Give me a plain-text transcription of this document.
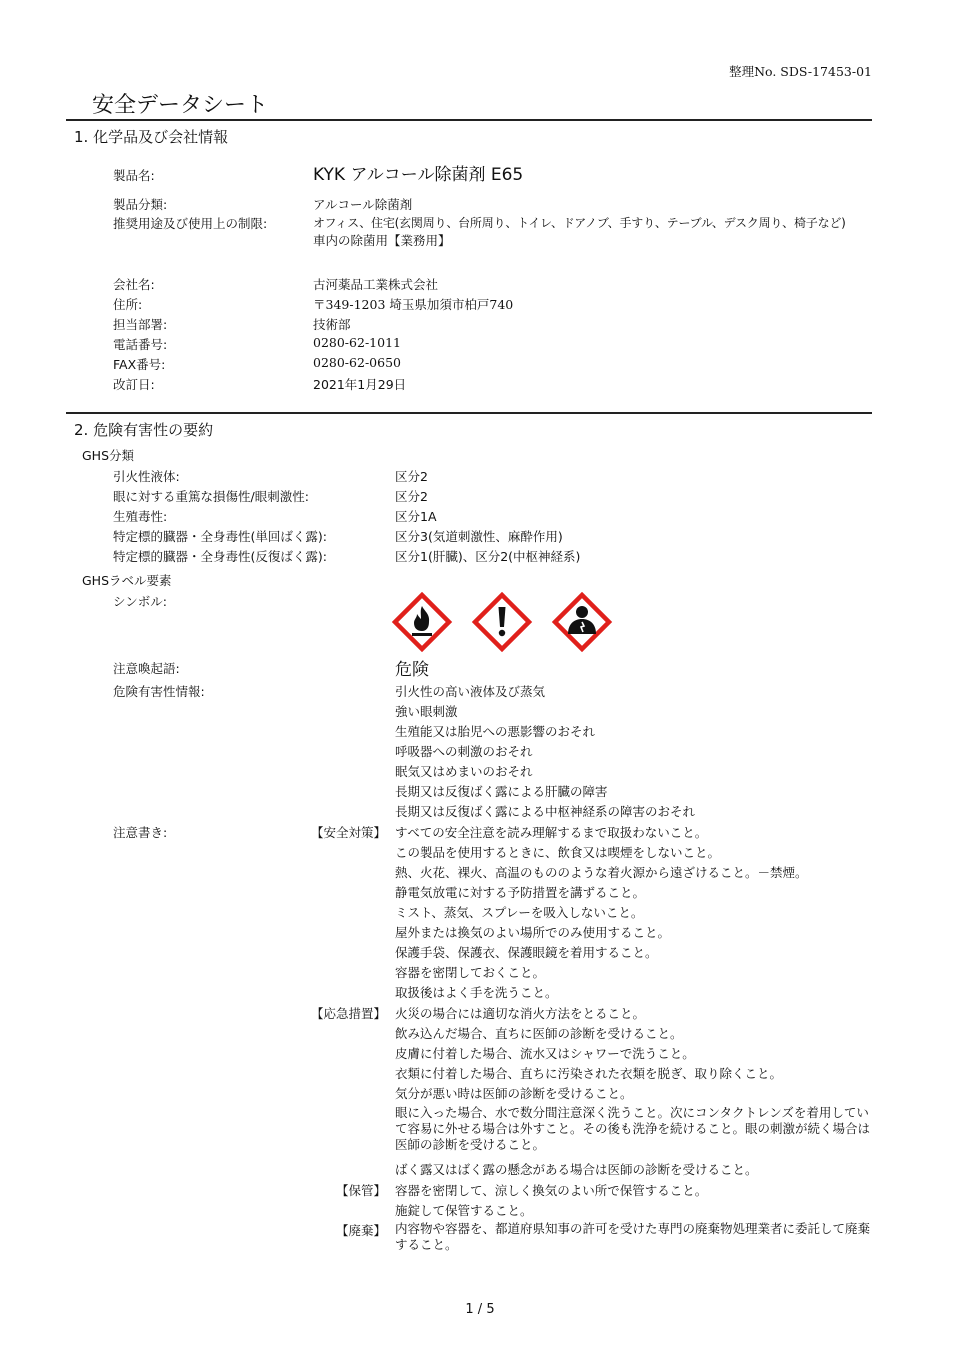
整理No. SDS-17453-01
安全データシート
1. 化学品及び会社情報
製品名:	KYK アルコール除菌剤 E65
製品分類:	アルコール除菌剤
推奨用途及び使用上の制限:	オフィス、住宅(玄関周り、台所周り、トイレ、ドアノブ、手すり、テーブル、デスク周り、椅子など)
車内の除菌用【業務用】
会社名:	古河薬品工業株式会社
住所:	〒349-1203 埼玉県加須市柏戸740
担当部署:	技術部
電話番号:	0280-62-1011
FAX番号:	0280-62-0650
改訂日:	2021年1月29日
2. 危険有害性の要約
GHS分類
引火性液体:	区分2
眼に対する重篤な損傷性/眼刺激性:	区分2
生殖毒性:	区分1A
特定標的臓器・全身毒性(単回ばく露):	区分3(気道刺激性、麻酔作用)
特定標的臓器・全身毒性(反復ばく露):	区分1(肝臓)、区分2(中枢神経系)
GHSラベル要素
シンボル:
注意喚起語:	危険
危険有害性情報:	引火性の高い液体及び蒸気
強い眼刺激
生殖能又は胎児への悪影響のおそれ
呼吸器への刺激のおそれ
眠気又はめまいのおそれ
長期又は反復ばく露による肝臓の障害
長期又は反復ばく露による中枢神経系の障害のおそれ
注意書き:	【安全対策】 すべての安全注意を読み理解するまで取扱わないこと。
この製品を使用するときに、飲食又は喫煙をしないこと。
熱、火花、裸火、高温のもののような着火源から遠ざけること。－禁煙。
静電気放電に対する予防措置を講ずること。
ミスト、蒸気、スプレーを吸入しないこと。
屋外または換気のよい場所でのみ使用すること。
保護手袋、保護衣、保護眼鏡を着用すること。
容器を密閉しておくこと。
取扱後はよく手を洗うこと。
【応急措置】 火災の場合には適切な消火方法をとること。
飲み込んだ場合、直ちに医師の診断を受けること。
皮膚に付着した場合、流水又はシャワーで洗うこと。
衣類に付着した場合、直ちに汚染された衣類を脱ぎ、取り除くこと。
気分が悪い時は医師の診断を受けること。
眼に入った場合、水で数分間注意深く洗うこと。次にコンタクトレンズを着用していて容易に外せる場合は外すこと。その後も洗浄を続けること。眼の刺激が続く場合は医師の診断を受けること。
ばく露又はばく露の懸念がある場合は医師の診断を受けること。
【保管】 容器を密閉して、涼しく換気のよい所で保管すること。
施錠して保管すること。
【廃棄】 内容物や容器を、都道府県知事の許可を受けた専門の廃棄物処理業者に委託して廃棄すること。
1 / 5
